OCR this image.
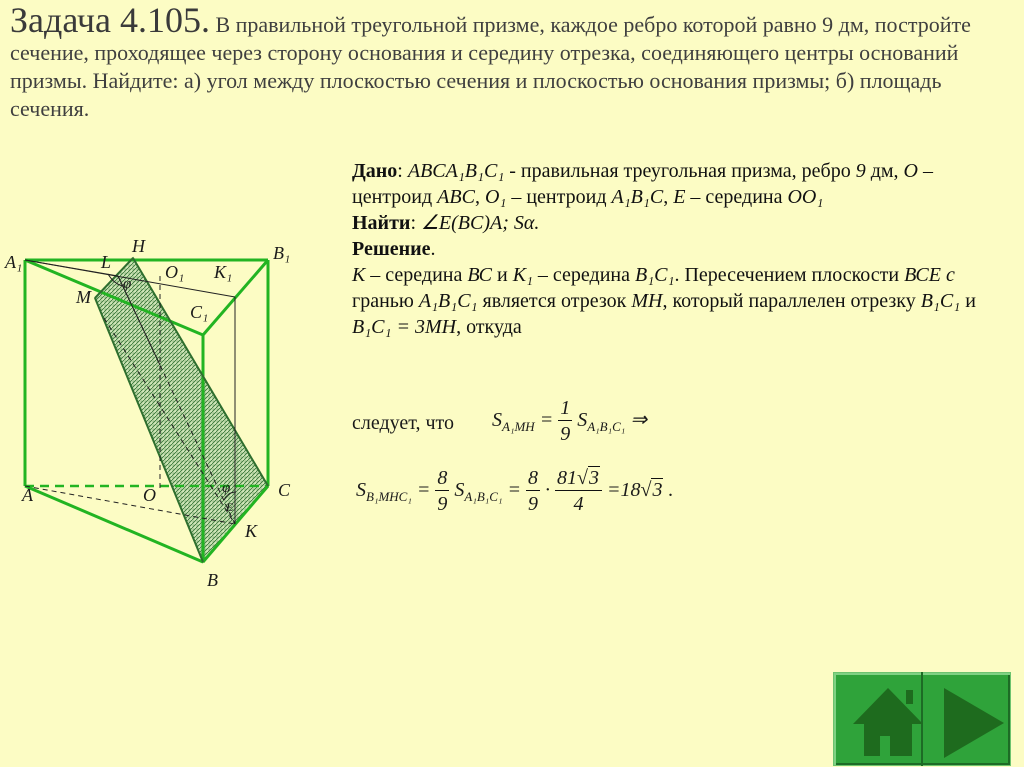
Задача 4.105. В правильной треугольной призме, каждое ребро которой равно 9 дм, постройте сечение, проходящее через сторону основания и середину отрезка, соединяющего центры оснований призмы. Найдите: а) угол между плоскостью сечения и плоскостью основания призмы; б) площадь сечения.
A₁	B₁
C₁
H
L	O₁ K₁
M
A	O	C
K
B
φ
φ
E

Дано: ABCA₁B₁C₁ - правильная треугольная призма, ребро 9 дм, O – центроид ABC, O₁ – центроид A₁B₁C, E – середина OO₁

Найти: ∠E(BC)A; Sα.

Решение.
К – середина ВС и К₁ – середина В₁С₁. Пересечением плоскости ВСЕ с гранью А₁В₁С₁ является отрезок МН, который параллелен отрезку В₁С₁ и В₁С₁ = 3МН, откуда

следует, что $S_{A_1MH} = \frac{1}{9} S_{A_1B_1C_1}$ ⇒
$S_{B_1MHC_1} = \frac{8}{9} S_{A_1B_1C_1} = \frac{8}{9} \cdot \frac{81√3}{4} =18√3$ .
